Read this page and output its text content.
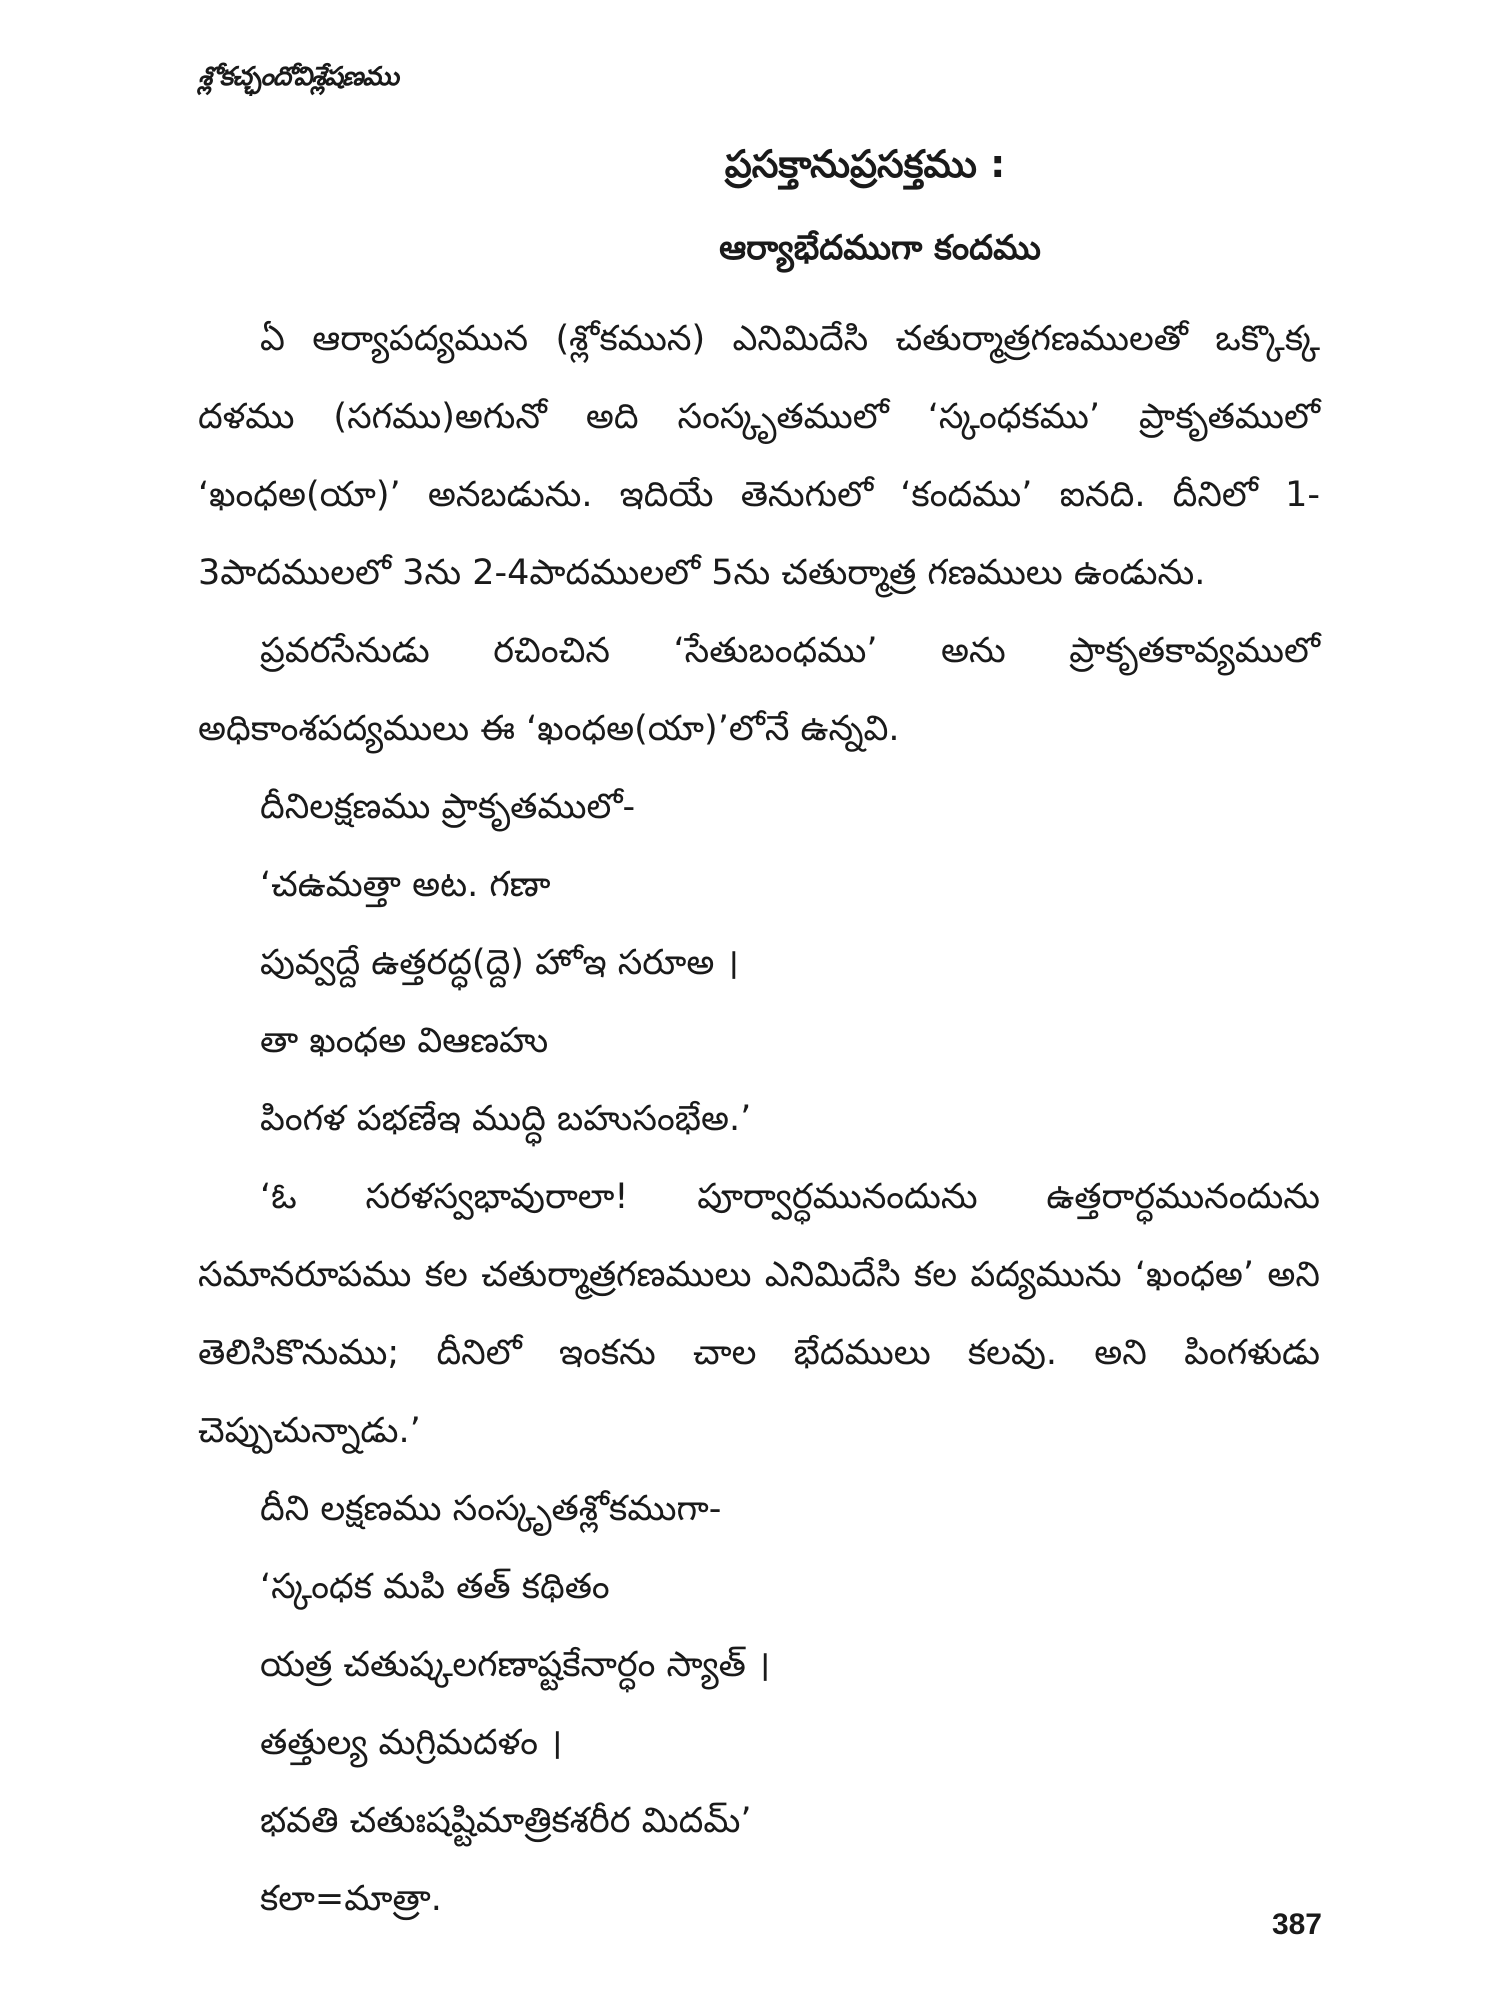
శ్లోకచ్ఛందోవిశ్లేషణము
ప్రసక్తానుప్రసక్తము :
ఆర్యాభేదముగా కందము

ఏ ఆర్యాపద్యమున (శ్లోకమున) ఎనిమిదేసి చతుర్మాత్రగణములతో ఒక్కొక్క దళము (సగము)అగునో అది సంస్కృతములో ‘స్కంధకము’ ప్రాకృతములో ‘ఖంధఅ(యా)’ అనబడును. ఇదియే తెనుగులో ‘కందము’ ఐనది. దీనిలో 1-3పాదములలో 3ను 2-4పాదములలో 5ను చతుర్మాత్ర గణములు ఉండును.

ప్రవరసేనుడు రచించిన ‘సేతుబంధము’ అను ప్రాకృతకావ్యములో అధికాంశపద్యములు ఈ ‘ఖంధఅ(యా)’లోనే ఉన్నవి.

దీనిలక్షణము ప్రాకృతములో-

‘చఉమత్తా అట. గణా

పువ్వద్దే ఉత్తరద్ధ(ద్దె) హోఇ సరూఅ ।

తా ఖంధఅ విఆణహు

పింగళ పభణేఇ ముద్ధి బహుసంభేఅ.’

‘ఓ సరళస్వభావురాలా! పూర్వార్ధమునందును ఉత్తరార్ధమునందును సమానరూపము కల చతుర్మాత్రగణములు ఎనిమిదేసి కల పద్యమును ‘ఖంధఅ’ అని తెలిసికొనుము; దీనిలో ఇంకను చాల భేదములు కలవు. అని పింగళుడు చెప్పుచున్నాడు.’

దీని లక్షణము సంస్కృతశ్లోకముగా-

‘స్కంధక మపి తత్ కథితం

యత్ర చతుష్కలగణాష్టకేనార్ధం స్యాత్ ।

తత్తుల్య మగ్రిమదళం ।

భవతి చతుఃషష్టిమాత్రికశరీర మిదమ్’

కలా=మాత్రా.

387
